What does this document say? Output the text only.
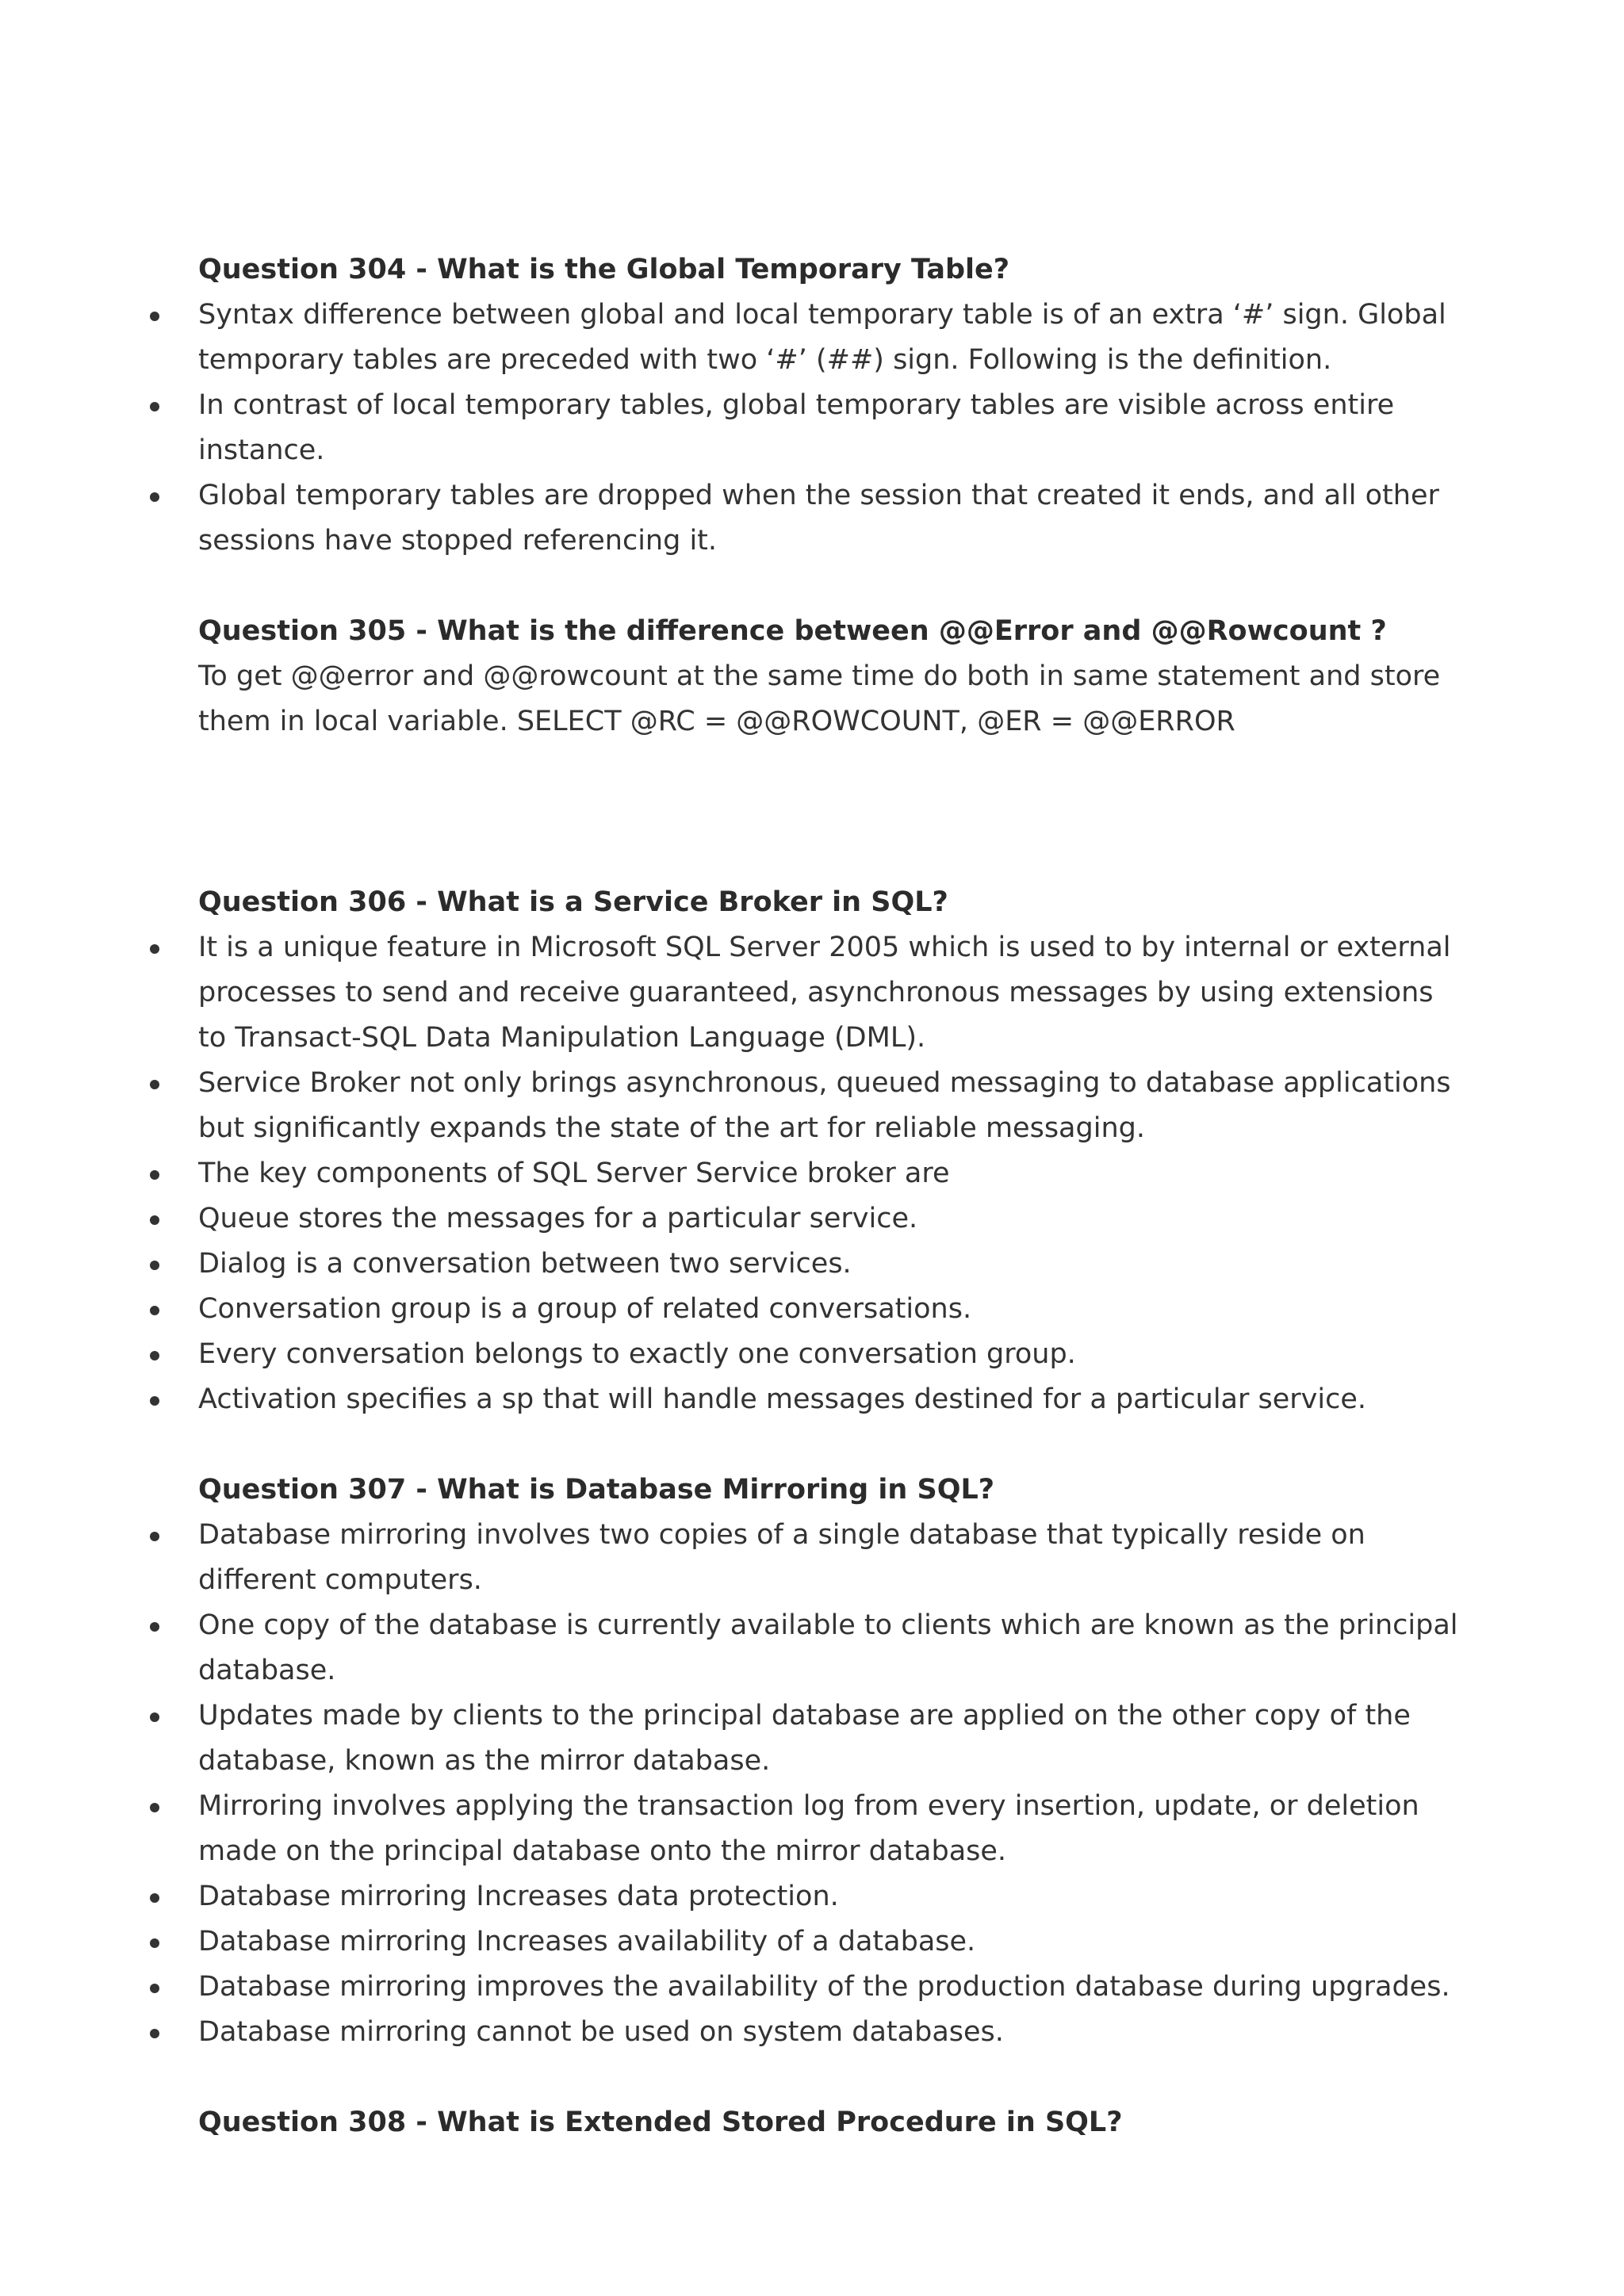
Question 304 - What is the Global Temporary Table?

Syntax difference between global and local temporary table is of an extra ‘#’ sign. Global temporary tables are preceded with two ‘#’ (##) sign. Following is the definition.
In contrast of local temporary tables, global temporary tables are visible across entire instance.
Global temporary tables are dropped when the session that created it ends, and all other sessions have stopped referencing it.

Question 305 - What is the difference between @@Error and @@Rowcount ?

To get @@error and @@rowcount at the same time do both in same statement and store them in local variable. SELECT @RC = @@ROWCOUNT, @ER = @@ERROR

Question 306 - What is a Service Broker in SQL?

It is a unique feature in Microsoft SQL Server 2005 which is used to by internal or external processes to send and receive guaranteed, asynchronous messages by using extensions to Transact-SQL Data Manipulation Language (DML).
Service Broker not only brings asynchronous, queued messaging to database applications but significantly expands the state of the art for reliable messaging.
The key components of SQL Server Service broker are
Queue stores the messages for a particular service.
Dialog is a conversation between two services.
Conversation group is a group of related conversations.
Every conversation belongs to exactly one conversation group.
Activation specifies a sp that will handle messages destined for a particular service.

Question 307 - What is Database Mirroring in SQL?

Database mirroring involves two copies of a single database that typically reside on different computers.
One copy of the database is currently available to clients which are known as the principal database.
Updates made by clients to the principal database are applied on the other copy of the database, known as the mirror database.
Mirroring involves applying the transaction log from every insertion, update, or deletion made on the principal database onto the mirror database.
Database mirroring Increases data protection.
Database mirroring Increases availability of a database.
Database mirroring improves the availability of the production database during upgrades.
Database mirroring cannot be used on system databases.

Question 308 - What is Extended Stored Procedure in SQL?
